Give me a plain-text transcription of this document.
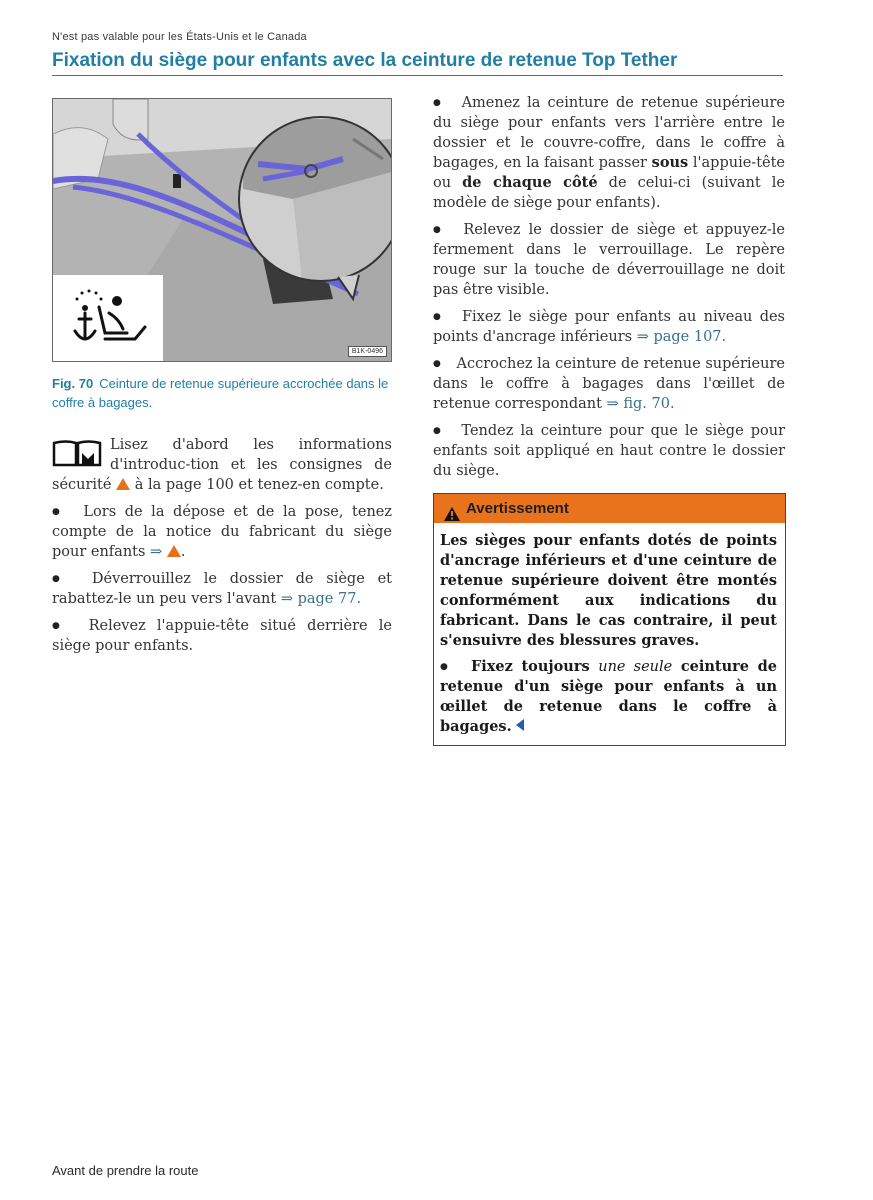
N'est pas valable pour les États-Unis et le Canada
Fixation du siège pour enfants avec la ceinture de retenue Top Tether
B1K-0496
Fig. 70 Ceinture de retenue supérieure accrochée dans le coffre à bagages.
Lisez d'abord les informations d'introduc-tion et les consignes de sécurité à la page 100 et tenez-en compte.
● Lors de la dépose et de la pose, tenez compte de la notice du fabricant du siège pour enfants ⇒ .
● Déverrouillez le dossier de siège et rabattez-le un peu vers l'avant ⇒ page 77.
● Relevez l'appuie-tête situé derrière le siège pour enfants.
● Amenez la ceinture de retenue supérieure du siège pour enfants vers l'arrière entre le dossier et le couvre-coffre, dans le coffre à bagages, en la faisant passer sous l'appuie-tête ou de chaque côté de celui-ci (suivant le modèle de siège pour enfants).
● Relevez le dossier de siège et appuyez-le fermement dans le verrouillage. Le repère rouge sur la touche de déverrouillage ne doit pas être visible.
● Fixez le siège pour enfants au niveau des points d'ancrage inférieurs ⇒ page 107.
● Accrochez la ceinture de retenue supérieure dans le coffre à bagages dans l'œillet de retenue correspondant ⇒ fig. 70.
● Tendez la ceinture pour que le siège pour enfants soit appliqué en haut contre le dossier du siège.
Avertissement
Les sièges pour enfants dotés de points d'ancrage inférieurs et d'une ceinture de retenue supérieure doivent être montés conformément aux indications du fabricant. Dans le cas contraire, il peut s'ensuivre des blessures graves.
● Fixez toujours une seule ceinture de retenue d'un siège pour enfants à un œillet de retenue dans le coffre à bagages.
Avant de prendre la route
